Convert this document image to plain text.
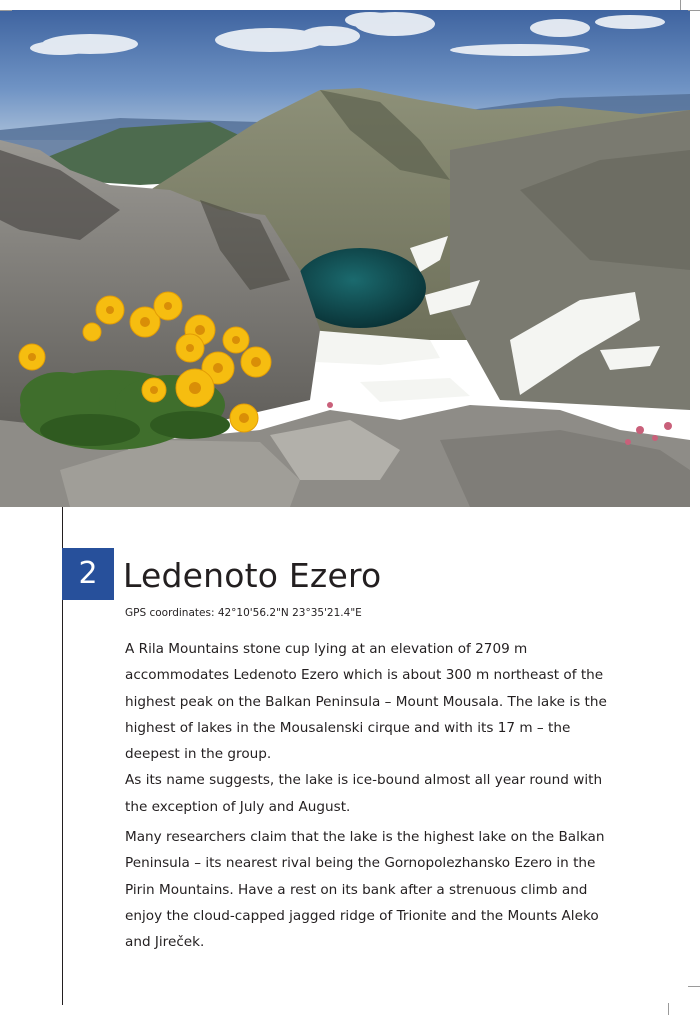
2 Ledenoto Ezero
GPS coordinates: 42°10'56.2"N 23°35'21.4"E

A Rila Mountains stone cup lying at an elevation of 2709 m accommodates Ledenoto Ezero which is about 300 m northeast of the highest peak on the Balkan Peninsula – Mount Mousala. The lake is the highest of lakes in the Mousalenski cirque and with its 17 m – the deepest in the group.

As its name suggests, the lake is ice-bound almost all year round with the exception of July and August.

Many researchers claim that the lake is the highest lake on the Balkan Peninsula – its nearest rival being the Gornopolezhansko Ezero in the Pirin Mountains. Have a rest on its bank after a strenuous climb and enjoy the cloud-capped jagged ridge of Trionite and the Mounts Aleko and Jireček.
